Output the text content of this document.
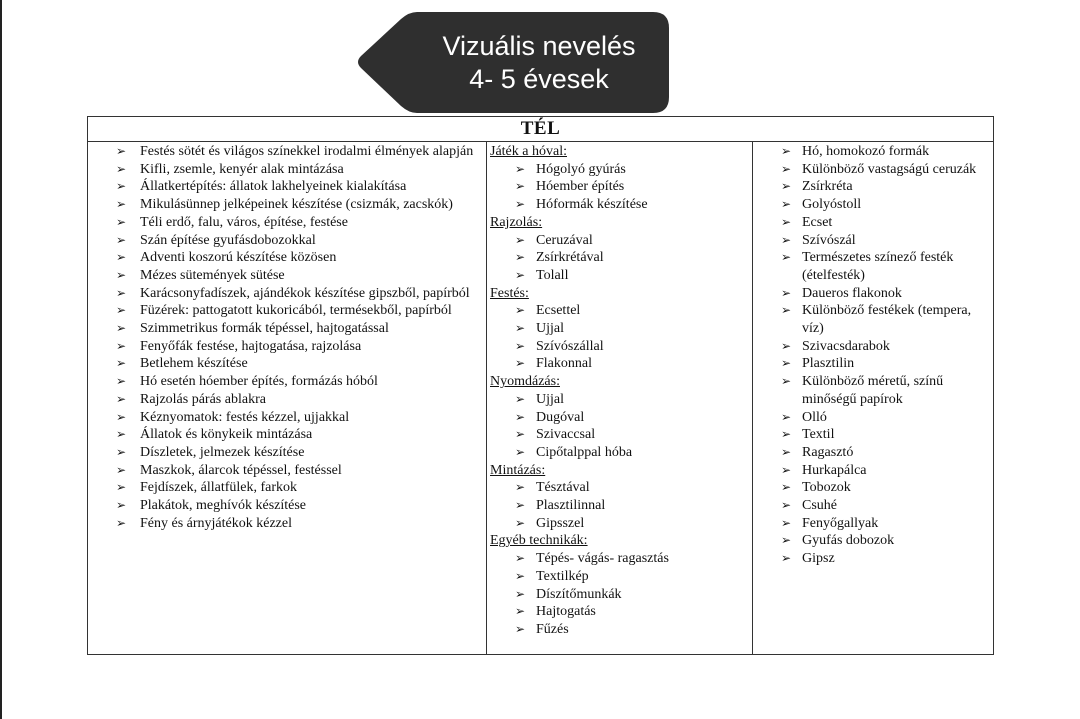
Vizuális nevelés
4- 5 évesek
TÉL
➢ Festés sötét és világos színekkel irodalmi élmények alapján
➢ Kifli, zsemle, kenyér alak mintázása
➢ Állatkertépítés: állatok lakhelyeinek kialakítása
➢ Mikulásünnep jelképeinek készítése (csizmák, zacskók)
➢ Téli erdő, falu, város, építése, festése
➢ Szán építése gyufásdobozokkal
➢ Adventi koszorú készítése közösen
➢ Mézes sütemények sütése
➢ Karácsonyfadíszek, ajándékok készítése gipszből, papírból
➢ Füzérek: pattogatott kukoricából, termésekből, papírból
➢ Szimmetrikus formák tépéssel, hajtogatással
➢ Fenyőfák festése, hajtogatása, rajzolása
➢ Betlehem készítése
➢ Hó esetén hóember építés, formázás hóból
➢ Rajzolás párás ablakra
➢ Kéznyomatok: festés kézzel, ujjakkal
➢ Állatok és könykeik mintázása
➢ Díszletek, jelmezek készítése
➢ Maszkok, álarcok tépéssel, festéssel
➢ Fejdíszek, állatfülek, farkok
➢ Plakátok, meghívók készítése
➢ Fény és árnyjátékok kézzel
Játék a hóval:
➢ Hógolyó gyúrás
➢ Hóember építés
➢ Hóformák készítése
Rajzolás:
➢ Ceruzával
➢ Zsírkrétával
➢ Tolall
Festés:
➢ Ecsettel
➢ Ujjal
➢ Szívószállal
➢ Flakonnal
Nyomdázás:
➢ Ujjal
➢ Dugóval
➢ Szivaccsal
➢ Cipőtalppal hóba
Mintázás:
➢ Tésztával
➢ Plasztilinnal
➢ Gipsszel
Egyéb technikák:
➢ Tépés- vágás- ragasztás
➢ Textilkép
➢ Díszítőmunkák
➢ Hajtogatás
➢ Fűzés
➢ Hó, homokozó formák
➢ Különböző vastagságú ceruzák
➢ Zsírkréta
➢ Golyóstoll
➢ Ecset
➢ Szívószál
➢ Természetes színező festék (ételfesték)
➢ Daueros flakonok
➢ Különböző festékek (tempera, víz)
➢ Szivacsdarabok
➢ Plasztilin
➢ Különböző méretű, színű minőségű papírok
➢ Olló
➢ Textil
➢ Ragasztó
➢ Hurkapálca
➢ Tobozok
➢ Csuhé
➢ Fenyőgallyak
➢ Gyufás dobozok
➢ Gipsz
